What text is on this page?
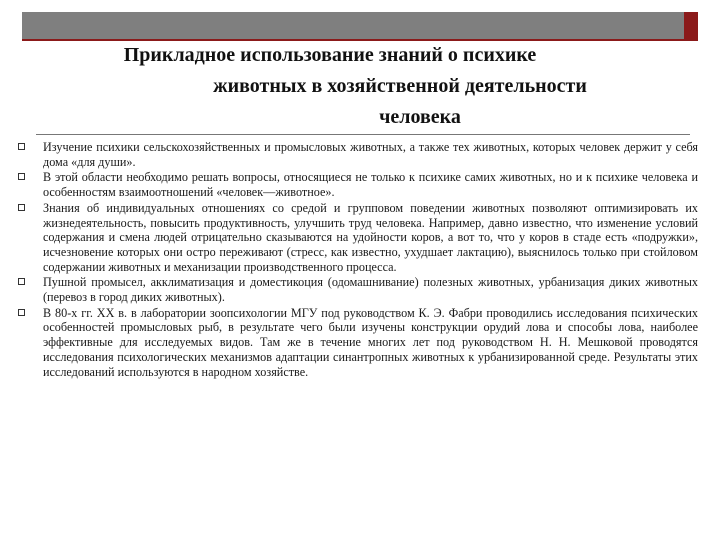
Прикладное использование знаний о психике
животных в хозяйственной деятельности
человека
Изучение психики сельскохозяйственных и промысловых животных, а также тех животных, которых человек держит у себя дома «для души».
В этой области необходимо решать вопросы, относящиеся не только к психике самих животных, но и к психике человека и особенностям взаимоотношений «человек—животное».
Знания об индивидуальных отношениях со средой и групповом поведении животных позволяют оптимизировать их жизнедеятельность, повысить продуктивность, улучшить труд человека. Например, давно известно, что изменение условий содержания и смена людей отрицательно сказываются на удойности коров, а вот то, что у коров в стаде есть «подружки», исчезновение которых они остро переживают (стресс, как известно, ухудшает лактацию), выяснилось только при стойловом содержании животных и механизации производственного процесса.
Пушной промысел, акклиматизация и доместикоция (одомашнивание) полезных животных, урбанизация диких животных (перевоз в город диких животных).
В 80-х гг. XX в. в лаборатории зоопсихологии МГУ под руководством К. Э. Фабри проводились исследования психических особенностей промысловых рыб, в результате чего были изучены конструкции орудий лова и способы лова, наиболее эффективные для исследуемых видов. Там же в течение многих лет под руководством Н. Н. Мешковой проводятся исследования психологических механизмов адаптации синантропных животных к урбанизированной среде. Результаты этих исследований используются в народном хозяйстве.
